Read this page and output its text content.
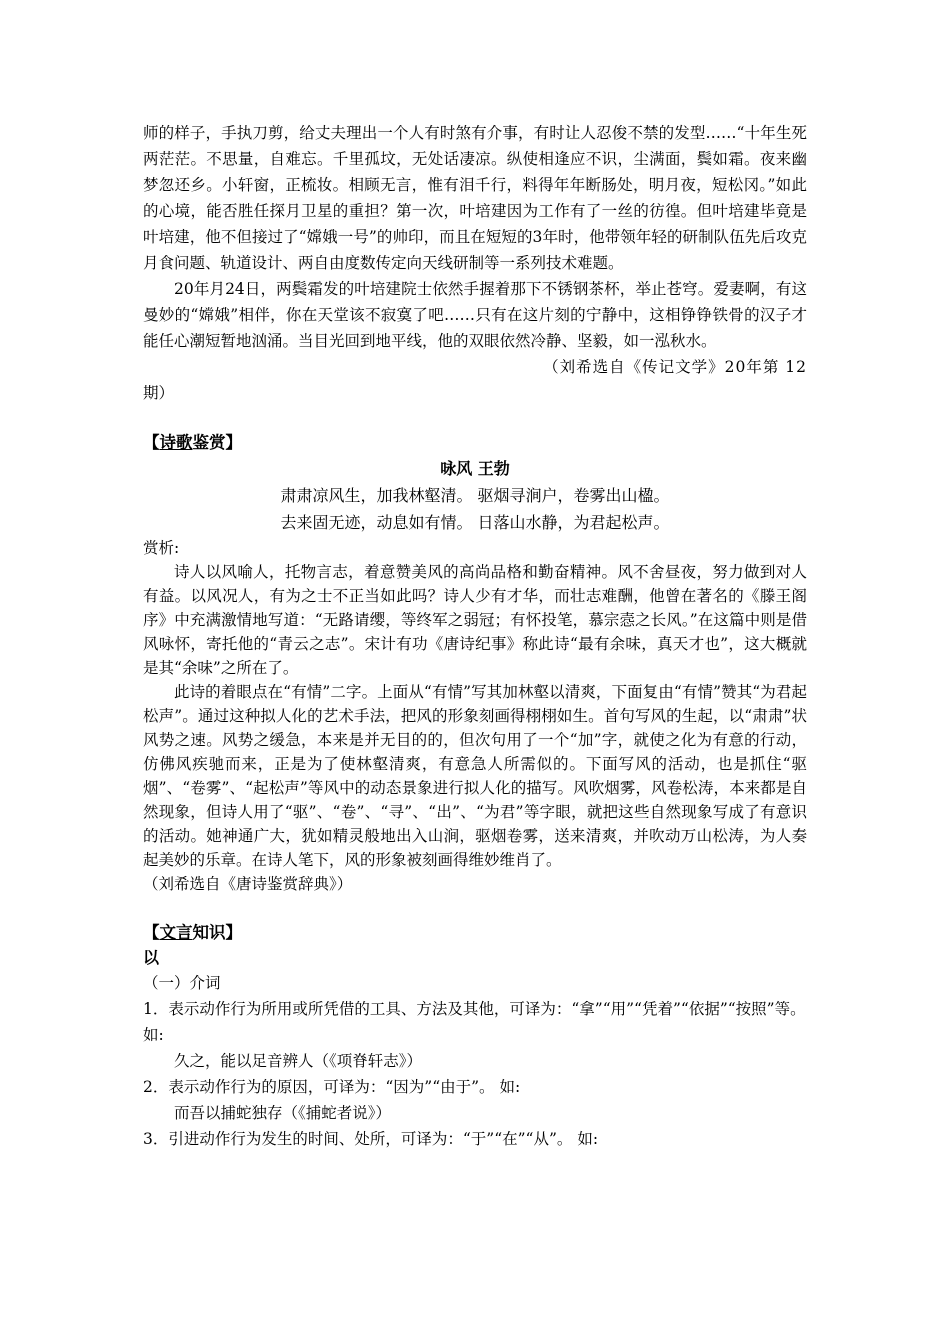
师的样子，手执刀剪，给丈夫理出一个人有时煞有介事，有时让人忍俊不禁的发型……“十年生死两茫茫。不思量，自难忘。千里孤坟，无处话凄凉。纵使相逢应不识，尘满面，鬓如霜。夜来幽梦忽还乡。小轩窗，正梳妆。相顾无言，惟有泪千行，料得年年断肠处，明月夜，短松冈。”如此的心境，能否胜任探月卫星的重担？第一次，叶培建因为工作有了一丝的彷徨。但叶培建毕竟是叶培建，他不但接过了“嫦娥一号”的帅印，而且在短短的3年时，他带领年轻的研制队伍先后攻克月食问题、轨道设计、两自由度数传定向天线研制等一系列技术难题。

20年月24日，两鬓霜发的叶培建院士依然手握着那下不锈钢茶杯，举止苍穹。爱妻啊，有这曼妙的“嫦娥”相伴，你在天堂该不寂寞了吧……只有在这片刻的宁静中，这相铮铮铁骨的汉子才能任心潮短暂地汹涌。当目光回到地平线，他的双眼依然冷静、坚毅，如一泓秋水。

（刘希选自《传记文学》20年第 12

期）

【诗歌鉴赏】

咏风 王勃

肃肃凉风生，加我林壑清。 驱烟寻涧户，卷雾出山楹。

去来固无迹，动息如有情。 日落山水静，为君起松声。

赏析:

诗人以风喻人，托物言志，着意赞美风的高尚品格和勤奋精神。风不舍昼夜，努力做到对人有益。以风况人，有为之士不正当如此吗？诗人少有才华，而壮志难酬，他曾在著名的《滕王阁序》中充满激情地写道：“无路请缨，等终军之弱冠；有怀投笔，慕宗悫之长风。”在这篇中则是借风咏怀，寄托他的“青云之志”。宋计有功《唐诗纪事》称此诗“最有余味，真天才也”，这大概就是其“余味”之所在了。

此诗的着眼点在“有情”二字。上面从“有情”写其加林壑以清爽，下面复由“有情”赞其“为君起松声”。通过这种拟人化的艺术手法，把风的形象刻画得栩栩如生。首句写风的生起，以“肃肃”状风势之速。风势之缓急，本来是并无目的的，但次句用了一个“加”字，就使之化为有意的行动，仿佛风疾驰而来，正是为了使林壑清爽，有意急人所需似的。下面写风的活动，也是抓住“驱烟”、“卷雾”、“起松声”等风中的动态景象进行拟人化的描写。风吹烟雾，风卷松涛，本来都是自然现象，但诗人用了“驱”、“卷”、“寻”、“出”、“为君”等字眼，就把这些自然现象写成了有意识的活动。她神通广大，犹如精灵般地出入山涧，驱烟卷雾，送来清爽，并吹动万山松涛，为人奏起美妙的乐章。在诗人笔下，风的形象被刻画得维妙维肖了。

（刘希选自《唐诗鉴赏辞典》）

【文言知识】

以

（一）介词

1．表示动作行为所用或所凭借的工具、方法及其他，可译为：“拿”“用”“凭着”“依据”“按照”等。如:

久之，能以足音辨人（《项脊轩志》）

2．表示动作行为的原因，可译为：“因为”“由于”。 如:

而吾以捕蛇独存（《捕蛇者说》）

3．引进动作行为发生的时间、处所，可译为：“于”“在”“从”。 如:
